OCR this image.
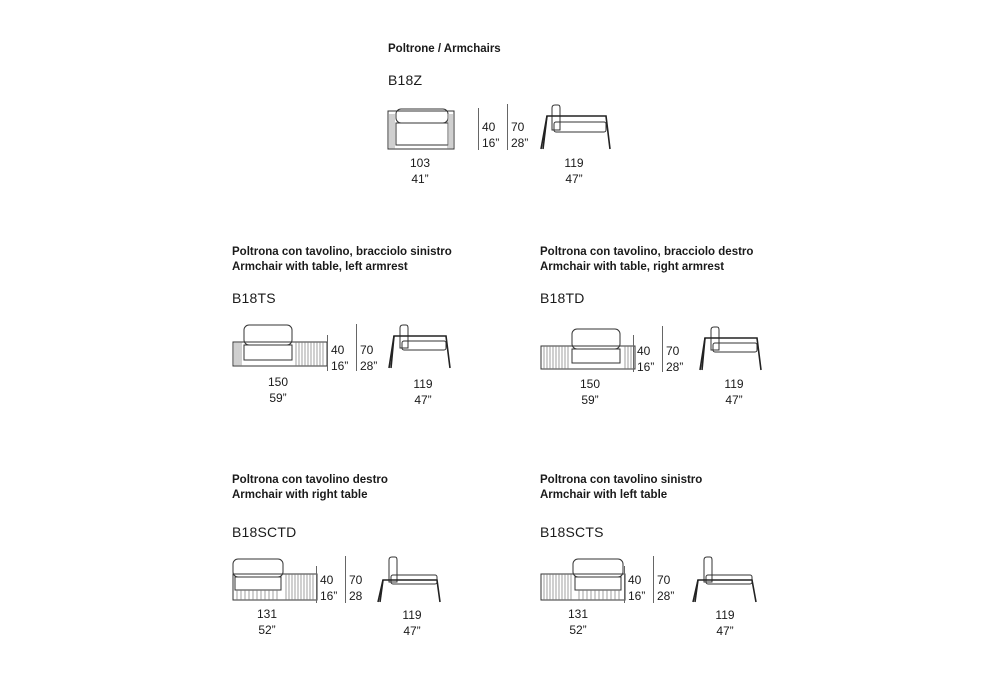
Poltrone / Armchairs
B18Z
103
41”
40
16”
70
28”
119
47”
Poltrona con tavolino, bracciolo sinistro
Armchair with table, left armrest
B18TS
150
59”
40
16”
70
28”
119
47”
Poltrona con tavolino, bracciolo destro
Armchair with table, right armrest
B18TD
150
59”
40
16”
70
28”
119
47”
Poltrona con tavolino destro
Armchair with right table
B18SCTD
131
52”
40
16”
70
28
119
47”
Poltrona con tavolino sinistro
Armchair with left table
B18SCTS
131
52”
40
16”
70
28”
119
47”
